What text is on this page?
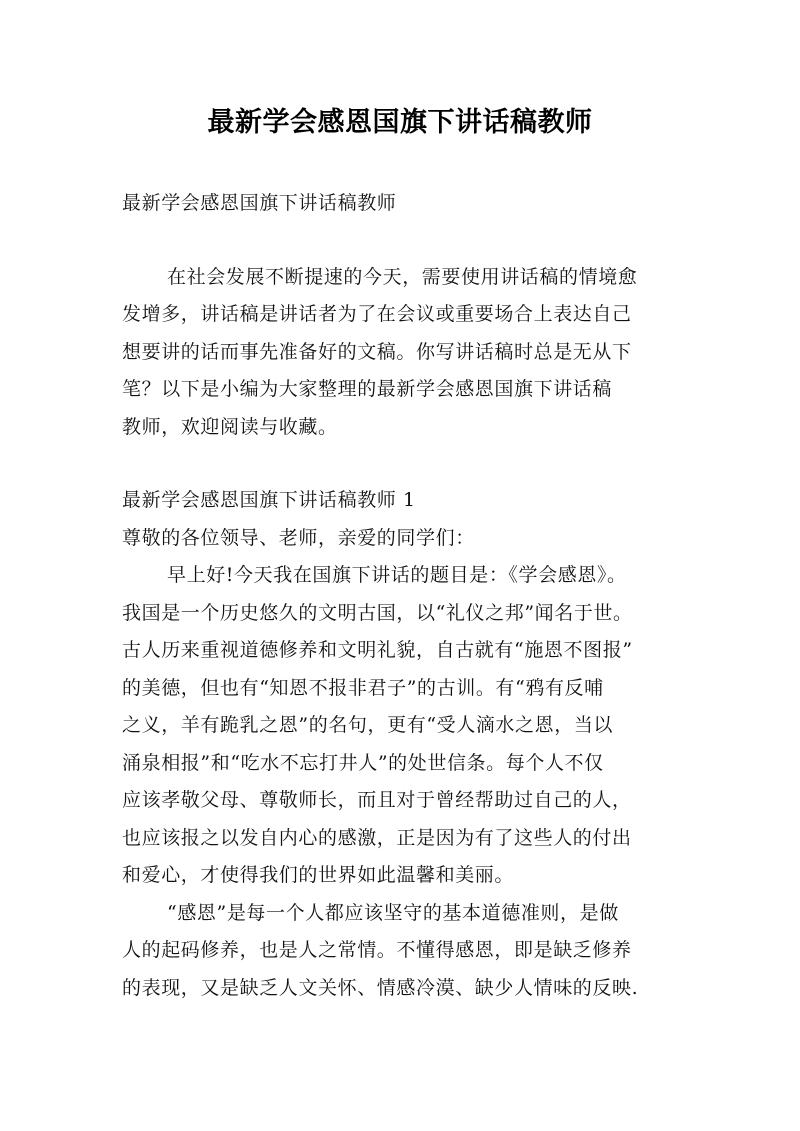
最新学会感恩国旗下讲话稿教师
最新学会感恩国旗下讲话稿教师
在社会发展不断提速的今天，需要使用讲话稿的情境愈
发增多，讲话稿是讲话者为了在会议或重要场合上表达自己
想要讲的话而事先准备好的文稿。你写讲话稿时总是无从下
笔？以下是小编为大家整理的最新学会感恩国旗下讲话稿
教师，欢迎阅读与收藏。
最新学会感恩国旗下讲话稿教师 1
尊敬的各位领导、老师，亲爱的同学们：
早上好!今天我在国旗下讲话的题目是：《学会感恩》。
我国是一个历史悠久的文明古国，以“礼仪之邦”闻名于世。
古人历来重视道德修养和文明礼貌，自古就有“施恩不图报”
的美德，但也有“知恩不报非君子”的古训。有“鸦有反哺
之义，羊有跪乳之恩”的名句，更有“受人滴水之恩，当以
涌泉相报”和“吃水不忘打井人”的处世信条。每个人不仅
应该孝敬父母、尊敬师长，而且对于曾经帮助过自己的人，
也应该报之以发自内心的感激，正是因为有了这些人的付出
和爱心，才使得我们的世界如此温馨和美丽。
“感恩”是每一个人都应该坚守的基本道德准则，是做
人的起码修养，也是人之常情。不懂得感恩，即是缺乏修养
的表现，又是缺乏人文关怀、情感冷漠、缺少人情味的反映.
